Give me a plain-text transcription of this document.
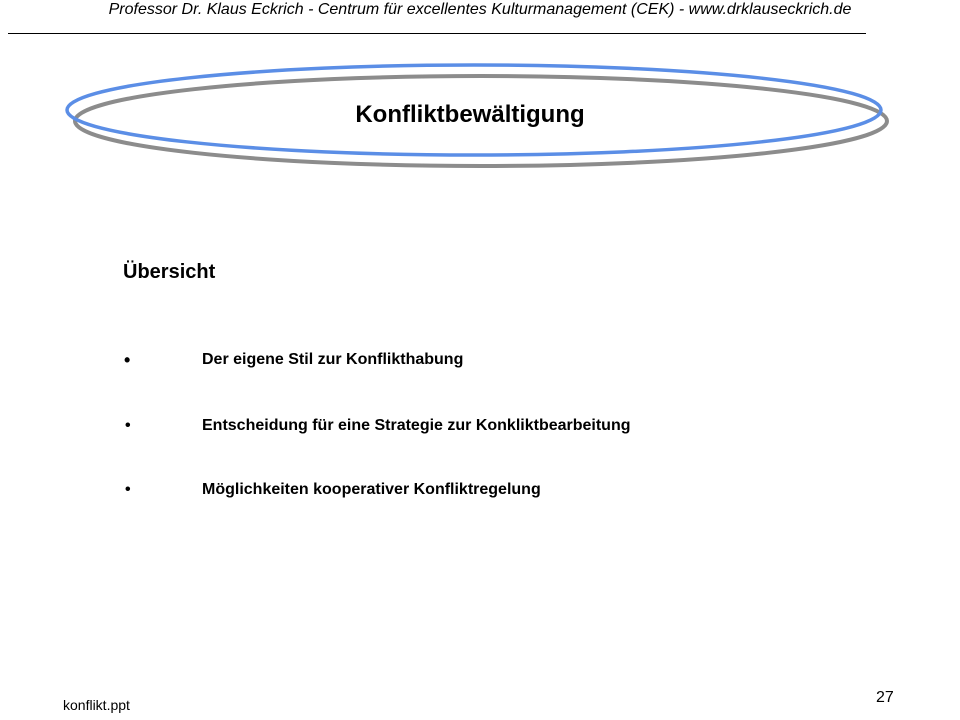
Professor Dr. Klaus Eckrich - Centrum für excellentes Kulturmanagement (CEK) - www.drklauseckrich.de
Konfliktbewältigung
Übersicht
•	Der eigene Stil zur Konflikthabung
•	Entscheidung für eine Strategie zur Konkliktbearbeitung
•	Möglichkeiten kooperativer Konfliktregelung
konflikt.ppt	27
